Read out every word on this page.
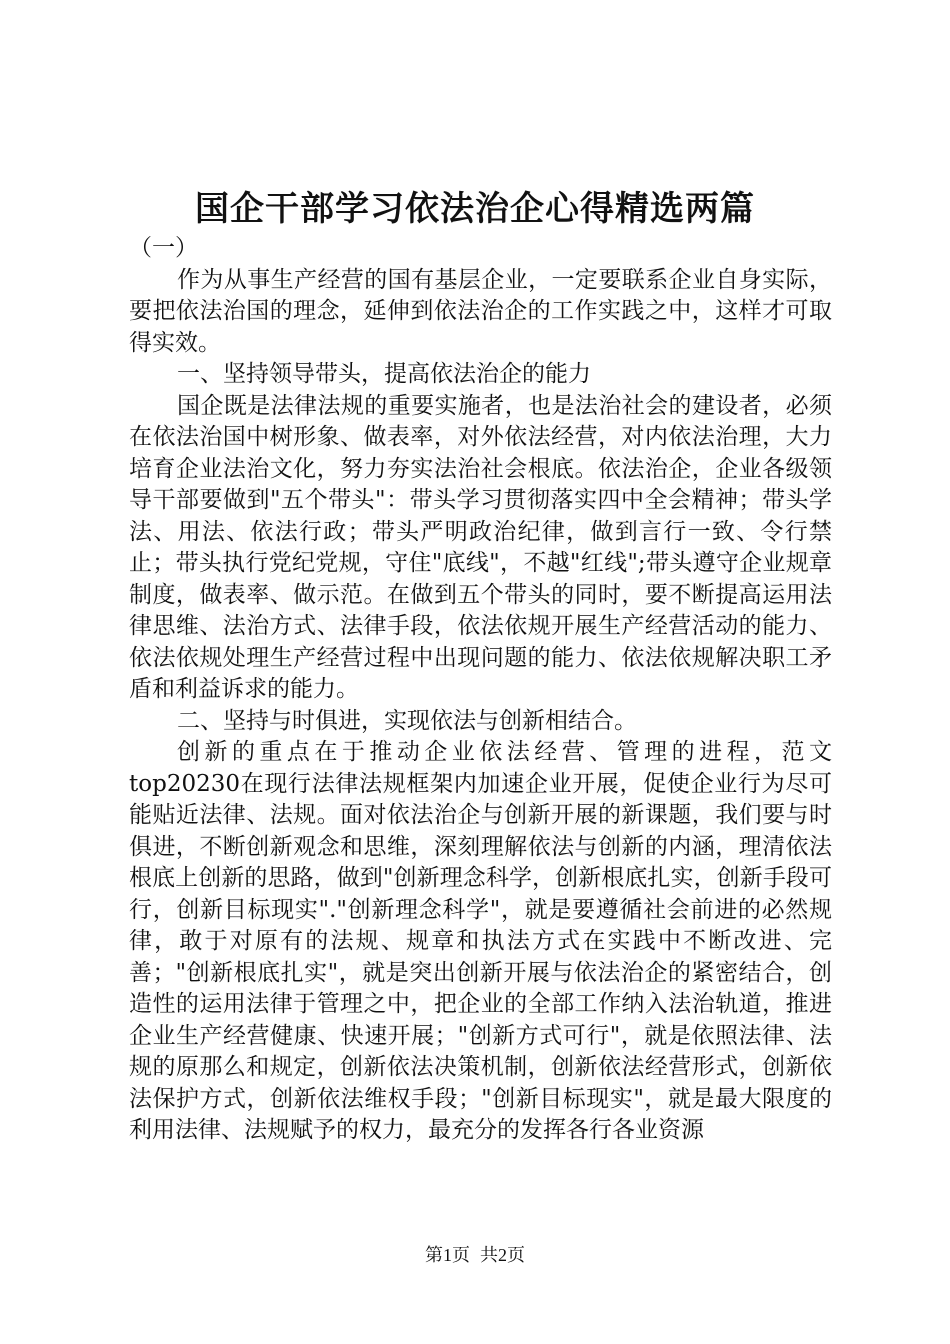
国企干部学习依法治企心得精选两篇

（一）

作为从事生产经营的国有基层企业，一定要联系企业自身实际，要把依法治国的理念，延伸到依法治企的工作实践之中，这样才可取得实效。

一、坚持领导带头，提高依法治企的能力

国企既是法律法规的重要实施者，也是法治社会的建设者，必须在依法治国中树形象、做表率，对外依法经营，对内依法治理，大力培育企业法治文化，努力夯实法治社会根底。依法治企，企业各级领导干部要做到"五个带头"：带头学习贯彻落实四中全会精神；带头学法、用法、依法行政；带头严明政治纪律，做到言行一致、令行禁止；带头执行党纪党规，守住"底线"，不越"红线";带头遵守企业规章制度，做表率、做示范。在做到五个带头的同时，要不断提高运用法律思维、法治方式、法律手段，依法依规开展生产经营活动的能力、依法依规处理生产经营过程中出现问题的能力、依法依规解决职工矛盾和利益诉求的能力。

二、坚持与时俱进，实现依法与创新相结合。

创新的重点在于推动企业依法经营、管理的进程，范文top20230在现行法律法规框架内加速企业开展，促使企业行为尽可能贴近法律、法规。面对依法治企与创新开展的新课题，我们要与时俱进，不断创新观念和思维，深刻理解依法与创新的内涵，理清依法根底上创新的思路，做到"创新理念科学，创新根底扎实，创新手段可行，创新目标现实"."创新理念科学"，就是要遵循社会前进的必然规律，敢于对原有的法规、规章和执法方式在实践中不断改进、完善；"创新根底扎实"，就是突出创新开展与依法治企的紧密结合，创造性的运用法律于管理之中，把企业的全部工作纳入法治轨道，推进企业生产经营健康、快速开展；"创新方式可行"，就是依照法律、法规的原那么和规定，创新依法决策机制，创新依法经营形式，创新依法保护方式，创新依法维权手段；"创新目标现实"，就是最大限度的利用法律、法规赋予的权力，最充分的发挥各行各业资源

第1页 共2页
